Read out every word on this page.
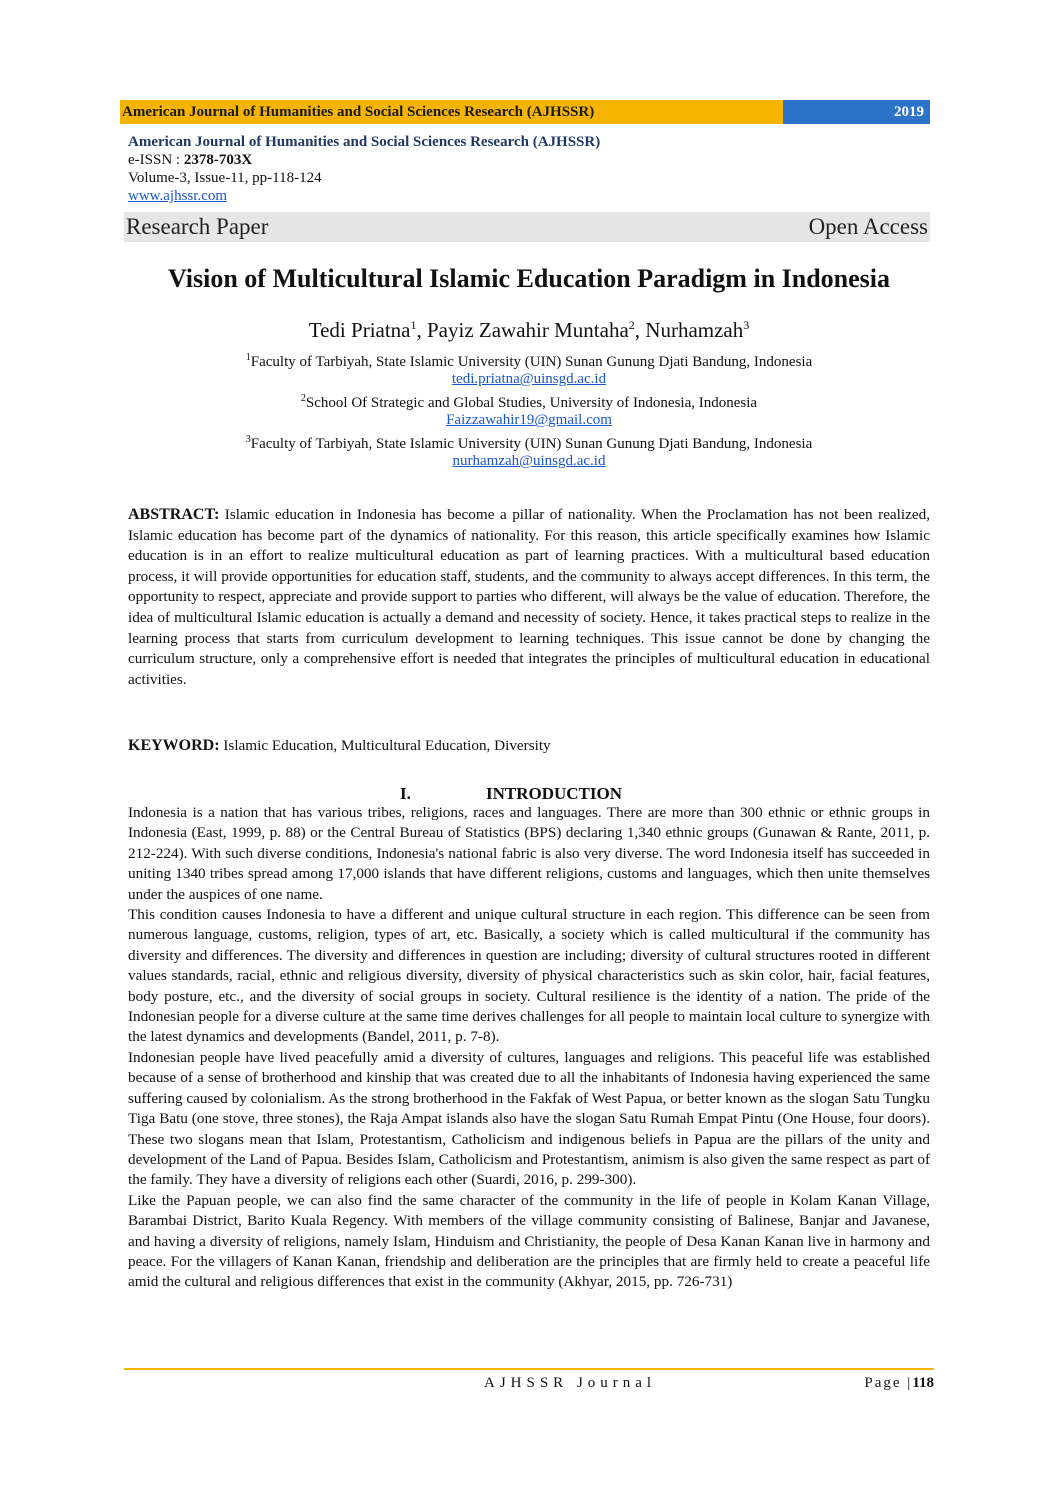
American Journal of Humanities and Social Sciences Research (AJHSSR)	2019
American Journal of Humanities and Social Sciences Research (AJHSSR)
e-ISSN : 2378-703X
Volume-3, Issue-11, pp-118-124
www.ajhssr.com
Research Paper	Open Access
Vision of Multicultural Islamic Education Paradigm in Indonesia
Tedi Priatna$^1$, Payiz Zawahir Muntaha$^2$, Nurhamzah$^3$
$^1$Faculty of Tarbiyah, State Islamic University (UIN) Sunan Gunung Djati Bandung, Indonesia
tedi.priatna@uinsgd.ac.id
$^2$School Of Strategic and Global Studies, University of Indonesia, Indonesia
Faizzawahir19@gmail.com
$^3$Faculty of Tarbiyah, State Islamic University (UIN) Sunan Gunung Djati Bandung, Indonesia
nurhamzah@uinsgd.ac.id
ABSTRACT: Islamic education in Indonesia has become a pillar of nationality. When the Proclamation has not been realized, Islamic education has become part of the dynamics of nationality. For this reason, this article specifically examines how Islamic education is in an effort to realize multicultural education as part of learning practices. With a multicultural based education process, it will provide opportunities for education staff, students, and the community to always accept differences. In this term, the opportunity to respect, appreciate and provide support to parties who different, will always be the value of education. Therefore, the idea of multicultural Islamic education is actually a demand and necessity of society. Hence, it takes practical steps to realize in the learning process that starts from curriculum development to learning techniques. This issue cannot be done by changing the curriculum structure, only a comprehensive effort is needed that integrates the principles of multicultural education in educational activities.
KEYWORD: Islamic Education, Multicultural Education, Diversity
I.	INTRODUCTION

Indonesia is a nation that has various tribes, religions, races and languages. There are more than 300 ethnic or ethnic groups in Indonesia (East, 1999, p. 88) or the Central Bureau of Statistics (BPS) declaring 1,340 ethnic groups (Gunawan & Rante, 2011, p. 212-224). With such diverse conditions, Indonesia's national fabric is also very diverse. The word Indonesia itself has succeeded in uniting 1340 tribes spread among 17,000 islands that have different religions, customs and languages, which then unite themselves under the auspices of one name.

This condition causes Indonesia to have a different and unique cultural structure in each region. This difference can be seen from numerous language, customs, religion, types of art, etc. Basically, a society which is called multicultural if the community has diversity and differences. The diversity and differences in question are including; diversity of cultural structures rooted in different values standards, racial, ethnic and religious diversity, diversity of physical characteristics such as skin color, hair, facial features, body posture, etc., and the diversity of social groups in society. Cultural resilience is the identity of a nation. The pride of the Indonesian people for a diverse culture at the same time derives challenges for all people to maintain local culture to synergize with the latest dynamics and developments (Bandel, 2011, p. 7-8).

Indonesian people have lived peacefully amid a diversity of cultures, languages and religions. This peaceful life was established because of a sense of brotherhood and kinship that was created due to all the inhabitants of Indonesia having experienced the same suffering caused by colonialism. As the strong brotherhood in the Fakfak of West Papua, or better known as the slogan Satu Tungku Tiga Batu (one stove, three stones), the Raja Ampat islands also have the slogan Satu Rumah Empat Pintu (One House, four doors). These two slogans mean that Islam, Protestantism, Catholicism and indigenous beliefs in Papua are the pillars of the unity and development of the Land of Papua. Besides Islam, Catholicism and Protestantism, animism is also given the same respect as part of the family. They have a diversity of religions each other (Suardi, 2016, p. 299-300).

Like the Papuan people, we can also find the same character of the community in the life of people in Kolam Kanan Village, Barambai District, Barito Kuala Regency. With members of the village community consisting of Balinese, Banjar and Javanese, and having a diversity of religions, namely Islam, Hinduism and Christianity, the people of Desa Kanan Kanan live in harmony and peace. For the villagers of Kanan Kanan, friendship and deliberation are the principles that are firmly held to create a peaceful life amid the cultural and religious differences that exist in the community (Akhyar, 2015, pp. 726-731)

AJHSSR Journal	Page |118
